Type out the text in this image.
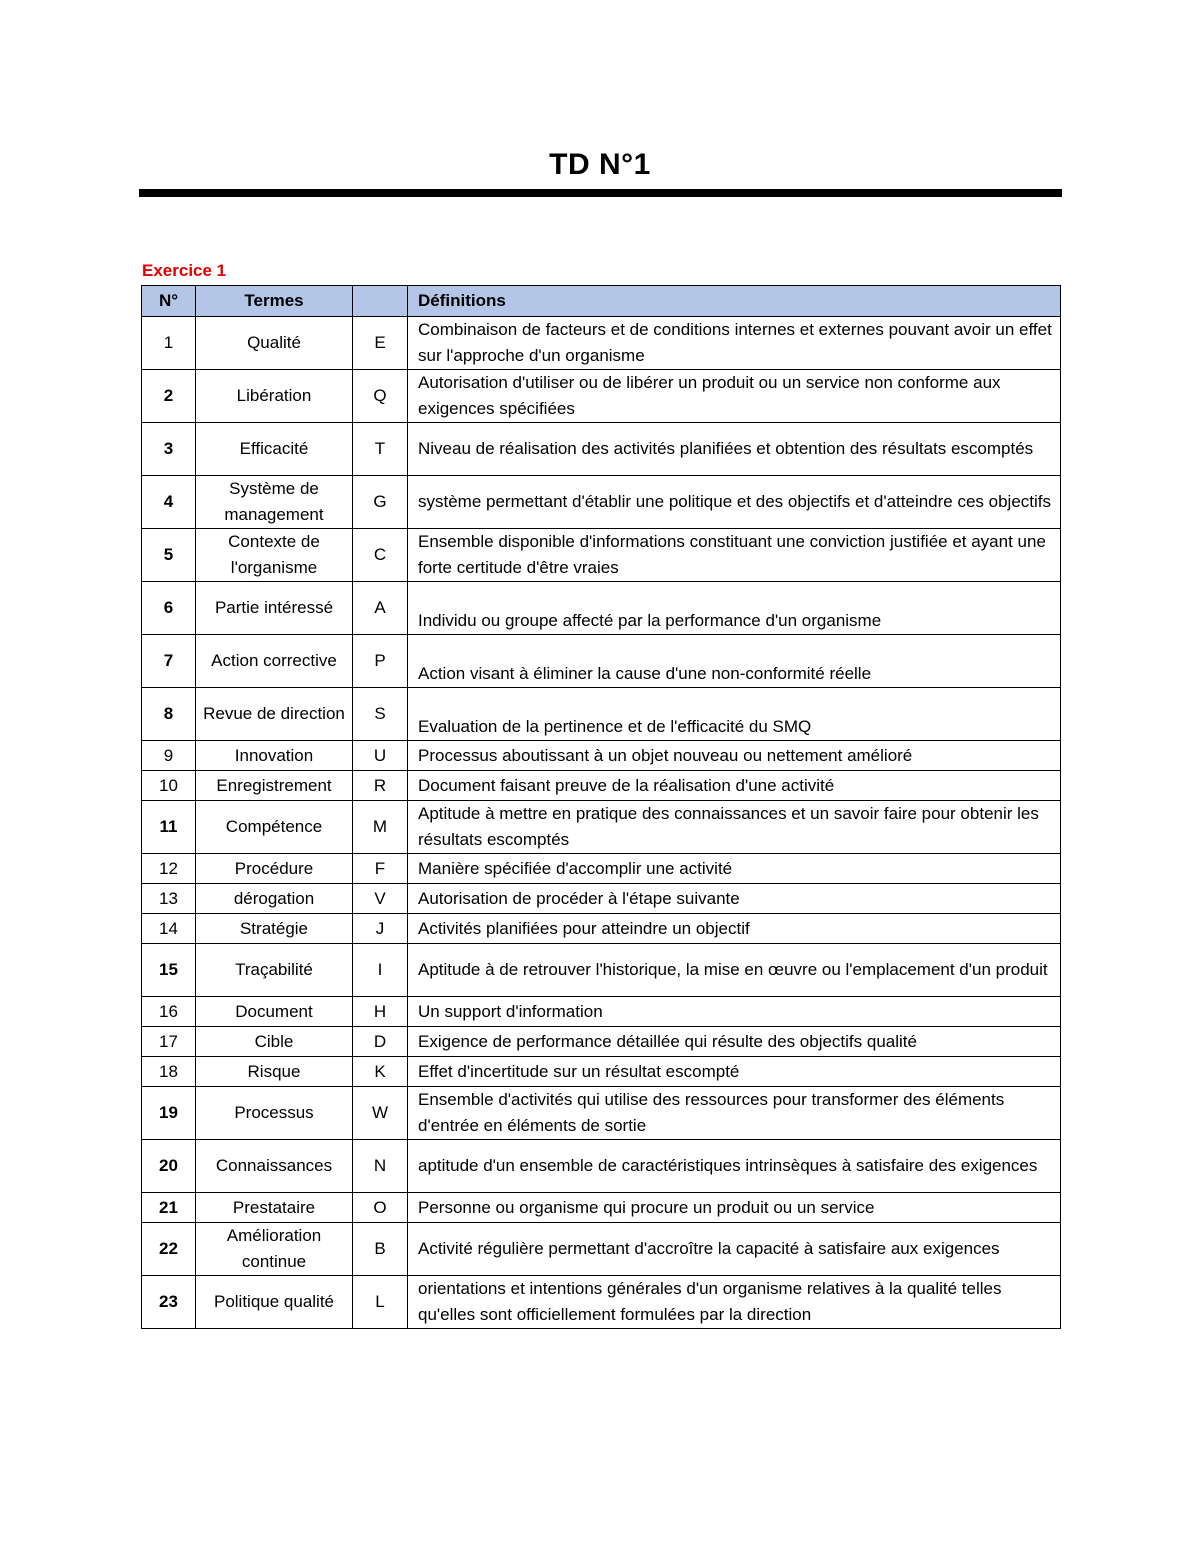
TD N°1
Exercice 1
N°	Termes		Définitions
1	Qualité	E	Combinaison de facteurs et de conditions internes et externes pouvant avoir un effet sur l'approche d'un organisme
2	Libération	Q	Autorisation d'utiliser ou de libérer un produit ou un service non conforme aux exigences spécifiées
3	Efficacité	T	Niveau de réalisation des activités planifiées et obtention des résultats escomptés
4	Système de management	G	système permettant d'établir une politique et des objectifs et d'atteindre ces objectifs
5	Contexte de l'organisme	C	Ensemble disponible d'informations constituant une conviction justifiée et ayant une forte certitude d'être vraies
6	Partie intéressé	A	Individu ou groupe affecté par la performance d'un organisme
7	Action corrective	P	Action visant à éliminer la cause d'une non-conformité réelle
8	Revue de direction	S	Evaluation de la pertinence et de l'efficacité du SMQ
9	Innovation	U	Processus aboutissant à un objet nouveau ou nettement amélioré
10	Enregistrement	R	Document faisant preuve de la réalisation d'une activité
11	Compétence	M	Aptitude à mettre en pratique des connaissances et un savoir faire pour obtenir les résultats escomptés
12	Procédure	F	Manière spécifiée d'accomplir une activité
13	dérogation	V	Autorisation de procéder à l'étape suivante
14	Stratégie	J	Activités planifiées pour atteindre un objectif
15	Traçabilité	I	Aptitude à de retrouver l'historique, la mise en œuvre ou l'emplacement d'un produit
16	Document	H	Un support d'information
17	Cible	D	Exigence de performance détaillée qui résulte des objectifs qualité
18	Risque	K	Effet d'incertitude sur un résultat escompté
19	Processus	W	Ensemble d'activités qui utilise des ressources pour transformer des éléments d'entrée en éléments de sortie
20	Connaissances	N	aptitude d'un ensemble de caractéristiques intrinsèques à satisfaire des exigences
21	Prestataire	O	Personne ou organisme qui procure un produit ou un service
22	Amélioration continue	B	Activité régulière permettant d'accroître la capacité à satisfaire aux exigences
23	Politique qualité	L	orientations et intentions générales d'un organisme relatives à la qualité telles qu'elles sont officiellement formulées par la direction
